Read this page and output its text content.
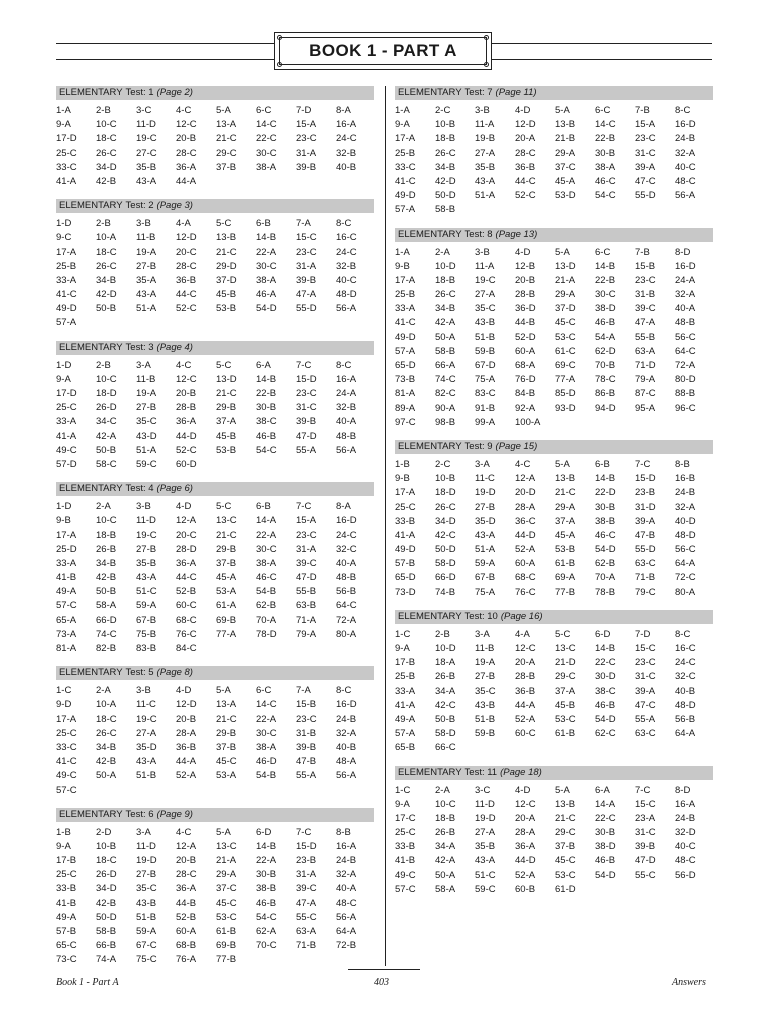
BOOK 1 - PART A
ELEMENTARY Test: 1 (Page 2)
1-A	2-B	3-C	4-C	5-A	6-C	7-D	8-A
9-A	10-C	11-D	12-C	13-A	14-C	15-A	16-A
17-D	18-C	19-C	20-B	21-C	22-C	23-C	24-C
25-C	26-C	27-C	28-C	29-C	30-C	31-A	32-B
33-C	34-D	35-B	36-A	37-B	38-A	39-B	40-B
41-A	42-B	43-A	44-A
ELEMENTARY Test: 2 (Page 3)
1-D	2-B	3-B	4-A	5-C	6-B	7-A	8-C
9-C	10-A	11-B	12-D	13-B	14-B	15-C	16-C
17-A	18-C	19-A	20-C	21-C	22-A	23-C	24-C
25-B	26-C	27-B	28-C	29-D	30-C	31-A	32-B
33-A	34-B	35-A	36-B	37-D	38-A	39-B	40-C
41-C	42-D	43-A	44-C	45-B	46-A	47-A	48-D
49-D	50-B	51-A	52-C	53-B	54-D	55-D	56-A
57-A
ELEMENTARY Test: 3 (Page 4)
1-D	2-B	3-A	4-C	5-C	6-A	7-C	8-C
9-A	10-C	11-B	12-C	13-D	14-B	15-D	16-A
17-D	18-D	19-A	20-B	21-C	22-B	23-C	24-A
25-C	26-D	27-B	28-B	29-B	30-B	31-C	32-B
33-A	34-C	35-C	36-A	37-A	38-C	39-B	40-A
41-A	42-A	43-D	44-D	45-B	46-B	47-D	48-B
49-C	50-B	51-A	52-C	53-B	54-C	55-A	56-A
57-D	58-C	59-C	60-D
ELEMENTARY Test: 4 (Page 6)
1-D	2-A	3-B	4-D	5-C	6-B	7-C	8-A
9-B	10-C	11-D	12-A	13-C	14-A	15-A	16-D
17-A	18-B	19-C	20-C	21-C	22-A	23-C	24-C
25-D	26-B	27-B	28-D	29-B	30-C	31-A	32-C
33-A	34-B	35-B	36-A	37-B	38-A	39-C	40-A
41-B	42-B	43-A	44-C	45-A	46-C	47-D	48-B
49-A	50-B	51-C	52-B	53-A	54-B	55-B	56-B
57-C	58-A	59-A	60-C	61-A	62-B	63-B	64-C
65-A	66-D	67-B	68-C	69-B	70-A	71-A	72-A
73-A	74-C	75-B	76-C	77-A	78-D	79-A	80-A
81-A	82-B	83-B	84-C
ELEMENTARY Test: 5 (Page 8)
1-C	2-A	3-B	4-D	5-A	6-C	7-A	8-C
9-D	10-A	11-C	12-D	13-A	14-C	15-B	16-D
17-A	18-C	19-C	20-B	21-C	22-A	23-C	24-B
25-C	26-C	27-A	28-A	29-B	30-C	31-B	32-A
33-C	34-B	35-D	36-B	37-B	38-A	39-B	40-B
41-C	42-B	43-A	44-A	45-C	46-D	47-B	48-A
49-C	50-A	51-B	52-A	53-A	54-B	55-A	56-A
57-C
ELEMENTARY Test: 6 (Page 9)
1-B	2-D	3-A	4-C	5-A	6-D	7-C	8-B
9-A	10-B	11-D	12-A	13-C	14-B	15-D	16-A
17-B	18-C	19-D	20-B	21-A	22-A	23-B	24-B
25-C	26-D	27-B	28-C	29-A	30-B	31-A	32-A
33-B	34-D	35-C	36-A	37-C	38-B	39-C	40-A
41-B	42-B	43-B	44-B	45-C	46-B	47-A	48-C
49-A	50-D	51-B	52-B	53-C	54-C	55-C	56-A
57-B	58-B	59-A	60-A	61-B	62-A	63-A	64-A
65-C	66-B	67-C	68-B	69-B	70-C	71-B	72-B
73-C	74-A	75-C	76-A	77-B
ELEMENTARY Test: 7 (Page 11)
1-A	2-C	3-B	4-D	5-A	6-C	7-B	8-C
9-A	10-B	11-A	12-D	13-B	14-C	15-A	16-D
17-A	18-B	19-B	20-A	21-B	22-B	23-C	24-B
25-B	26-C	27-A	28-C	29-A	30-B	31-C	32-A
33-C	34-B	35-B	36-B	37-C	38-A	39-A	40-C
41-C	42-D	43-A	44-C	45-A	46-C	47-C	48-C
49-D	50-D	51-A	52-C	53-D	54-C	55-D	56-A
57-A	58-B
ELEMENTARY Test: 8 (Page 13)
1-A	2-A	3-B	4-D	5-A	6-C	7-B	8-D
9-B	10-D	11-A	12-B	13-D	14-B	15-B	16-D
17-A	18-B	19-C	20-B	21-A	22-B	23-C	24-A
25-B	26-C	27-A	28-B	29-A	30-C	31-B	32-A
33-A	34-B	35-C	36-D	37-D	38-D	39-C	40-A
41-C	42-A	43-B	44-B	45-C	46-B	47-A	48-B
49-D	50-A	51-B	52-D	53-C	54-A	55-B	56-C
57-A	58-B	59-B	60-A	61-C	62-D	63-A	64-C
65-D	66-A	67-D	68-A	69-C	70-B	71-D	72-A
73-B	74-C	75-A	76-D	77-A	78-C	79-A	80-D
81-A	82-C	83-C	84-B	85-D	86-B	87-C	88-B
89-A	90-A	91-B	92-A	93-D	94-D	95-A	96-C
97-C	98-B	99-A	100-A
ELEMENTARY Test: 9 (Page 15)
1-B	2-C	3-A	4-C	5-A	6-B	7-C	8-B
9-B	10-B	11-C	12-A	13-B	14-B	15-D	16-B
17-A	18-D	19-D	20-D	21-C	22-D	23-B	24-B
25-C	26-C	27-B	28-A	29-A	30-B	31-D	32-A
33-B	34-D	35-D	36-C	37-A	38-B	39-A	40-D
41-A	42-C	43-A	44-D	45-A	46-C	47-B	48-D
49-D	50-D	51-A	52-A	53-B	54-D	55-D	56-C
57-B	58-D	59-A	60-A	61-B	62-B	63-C	64-A
65-D	66-D	67-B	68-C	69-A	70-A	71-B	72-C
73-D	74-B	75-A	76-C	77-B	78-B	79-C	80-A
ELEMENTARY Test: 10 (Page 16)
1-C	2-B	3-A	4-A	5-C	6-D	7-D	8-C
9-A	10-D	11-B	12-C	13-C	14-B	15-C	16-C
17-B	18-A	19-A	20-A	21-D	22-C	23-C	24-C
25-B	26-B	27-B	28-B	29-C	30-D	31-C	32-C
33-A	34-A	35-C	36-B	37-A	38-C	39-A	40-B
41-A	42-C	43-B	44-A	45-B	46-B	47-C	48-D
49-A	50-B	51-B	52-A	53-C	54-D	55-A	56-B
57-A	58-D	59-B	60-C	61-B	62-C	63-C	64-A
65-B	66-C
ELEMENTARY Test: 11 (Page 18)
1-C	2-A	3-C	4-D	5-A	6-A	7-C	8-D
9-A	10-C	11-D	12-C	13-B	14-A	15-C	16-A
17-C	18-B	19-D	20-A	21-C	22-C	23-A	24-B
25-C	26-B	27-A	28-A	29-C	30-B	31-C	32-D
33-B	34-A	35-B	36-A	37-B	38-D	39-B	40-C
41-B	42-A	43-A	44-D	45-C	46-B	47-D	48-C
49-C	50-A	51-C	52-A	53-C	54-D	55-C	56-D
57-C	58-A	59-C	60-B	61-D
Book 1 - Part A	403	Answers
